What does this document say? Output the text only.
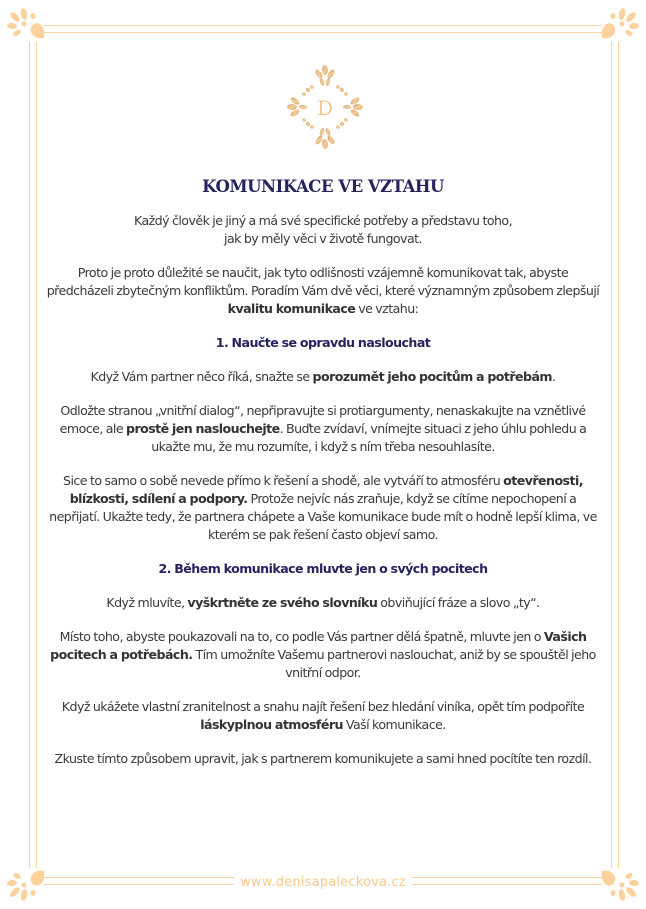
D
KOMUNIKACE VE VZTAHU

Každý člověk je jiný a má své specifické potřeby a představu toho,
jak by měly věci v životě fungovat.

Proto je proto důležité se naučit, jak tyto odlišnosti vzájemně komunikovat tak, abyste předcházeli zbytečným konfliktům. Poradím Vám dvě věci, které významným způsobem zlepšují kvalitu komunikace ve vztahu:

1. Naučte se opravdu naslouchat

Když Vám partner něco říká, snažte se porozumět jeho pocitům a potřebám.

Odložte stranou „vnitřní dialog“, nepřipravujte si protiargumenty, nenaskakujte na vznětlivé emoce, ale prostě jen naslouchejte. Buďte zvídaví, vnímejte situaci z jeho úhlu pohledu a ukažte mu, že mu rozumíte, i když s ním třeba nesouhlasíte.

Sice to samo o sobě nevede přímo k řešení a shodě, ale vytváří to atmosféru otevřenosti, blízkosti, sdílení a podpory. Protože nejvíc nás zraňuje, když se cítíme nepochopení a nepřijatí. Ukažte tedy, že partnera chápete a Vaše komunikace bude mít o hodně lepší klima, ve kterém se pak řešení často objeví samo.

2. Během komunikace mluvte jen o svých pocitech

Když mluvíte, vyškrtněte ze svého slovníku obviňující fráze a slovo „ty“.

Místo toho, abyste poukazovali na to, co podle Vás partner dělá špatně, mluvte jen o Vašich pocitech a potřebách. Tím umožníte Vašemu partnerovi naslouchat, aniž by se spouštěl jeho vnitřní odpor.

Když ukážete vlastní zranitelnost a snahu najít řešení bez hledání viníka, opět tím podpoříte láskyplnou atmosféru Vaší komunikace.

Zkuste tímto způsobem upravit, jak s partnerem komunikujete a sami hned pocítíte ten rozdíl.

www.denisapaleckova.cz
